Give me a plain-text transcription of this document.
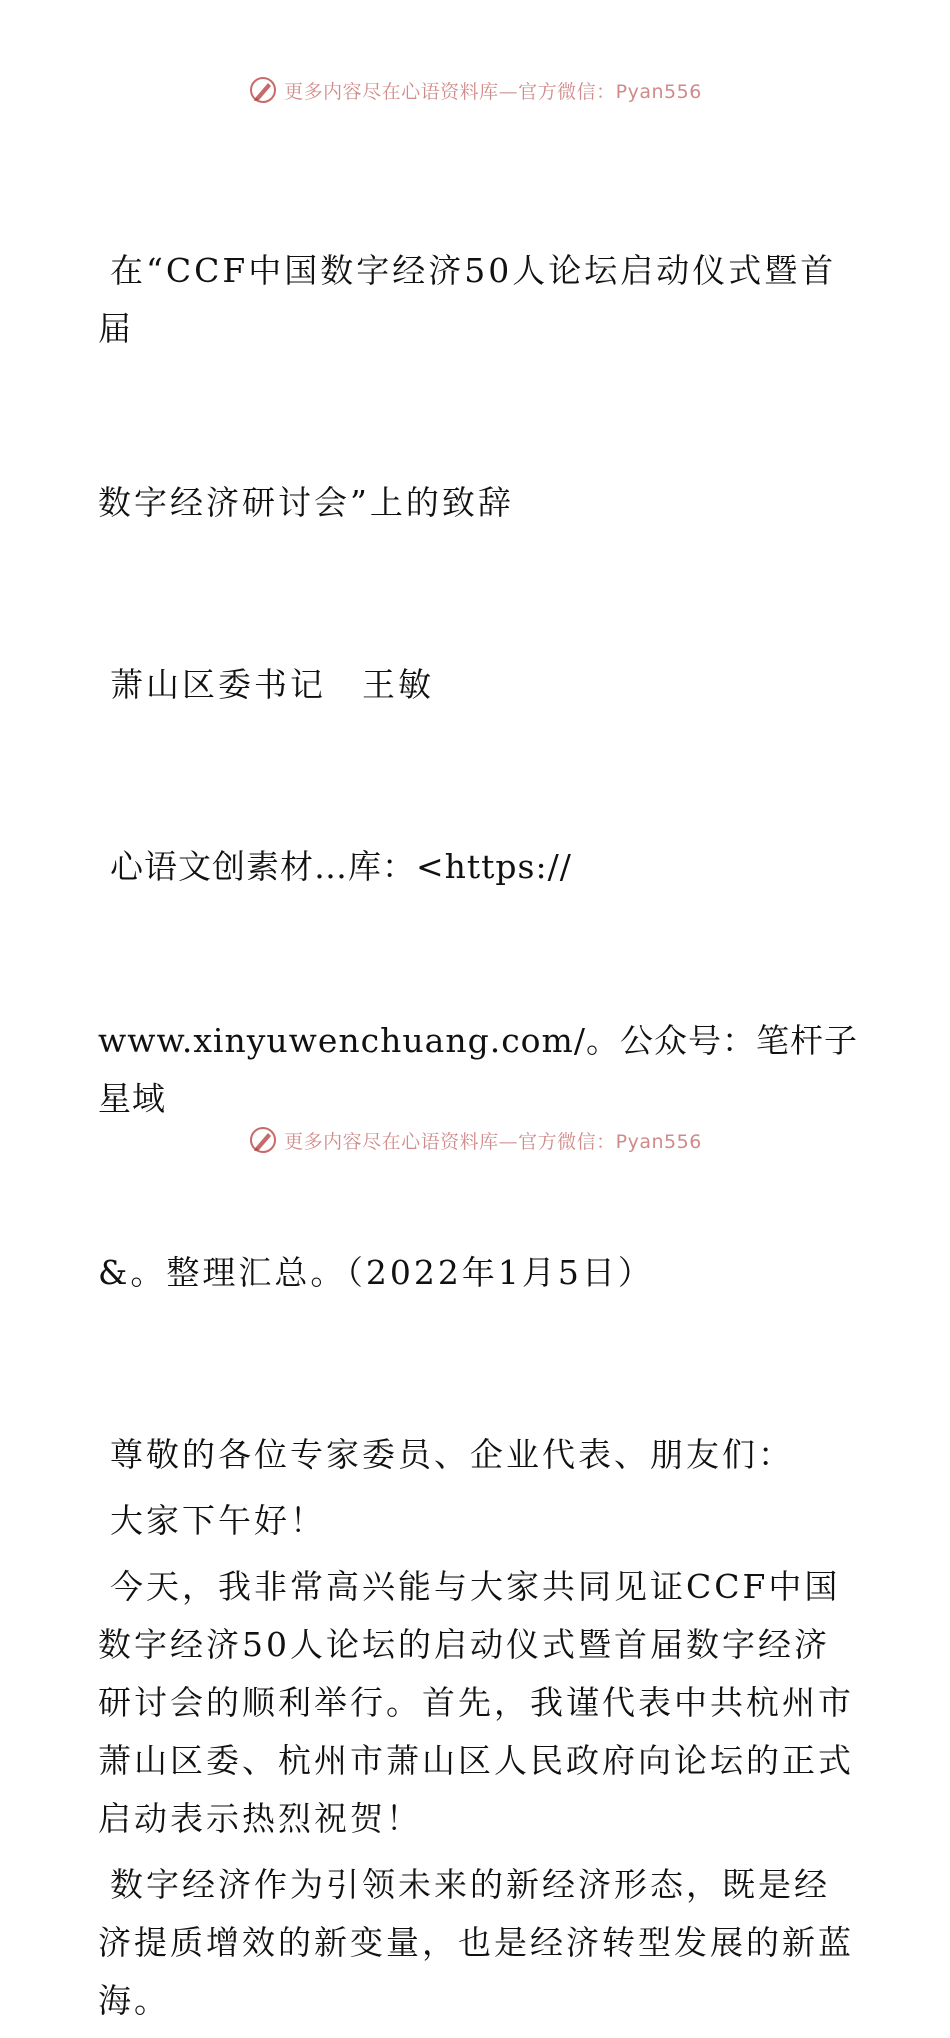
更多内容尽在心语资料库—官方微信：Pyan556

在“CCF中国数字经济50人论坛启动仪式暨首届

数字经济研讨会”上的致辞

萧山区委书记　王敏

心语文创素材…库：<https://

www.xinyuwenchuang.com/。公众号：笔杆子星域

&。整理汇总。（2022年1月5日）

尊敬的各位专家委员、企业代表、朋友们：
大家下午好！
今天，我非常高兴能与大家共同见证CCF中国数字经济50人论坛的启动仪式暨首届数字经济研讨会的顺利举行。首先，我谨代表中共杭州市萧山区委、杭州市萧山区人民政府向论坛的正式启动表示热烈祝贺！
数字经济作为引领未来的新经济形态，既是经济提质增效的新变量，也是经济转型发展的新蓝海。
更多内容尽在心语资料库—官方微信：Pyan556
